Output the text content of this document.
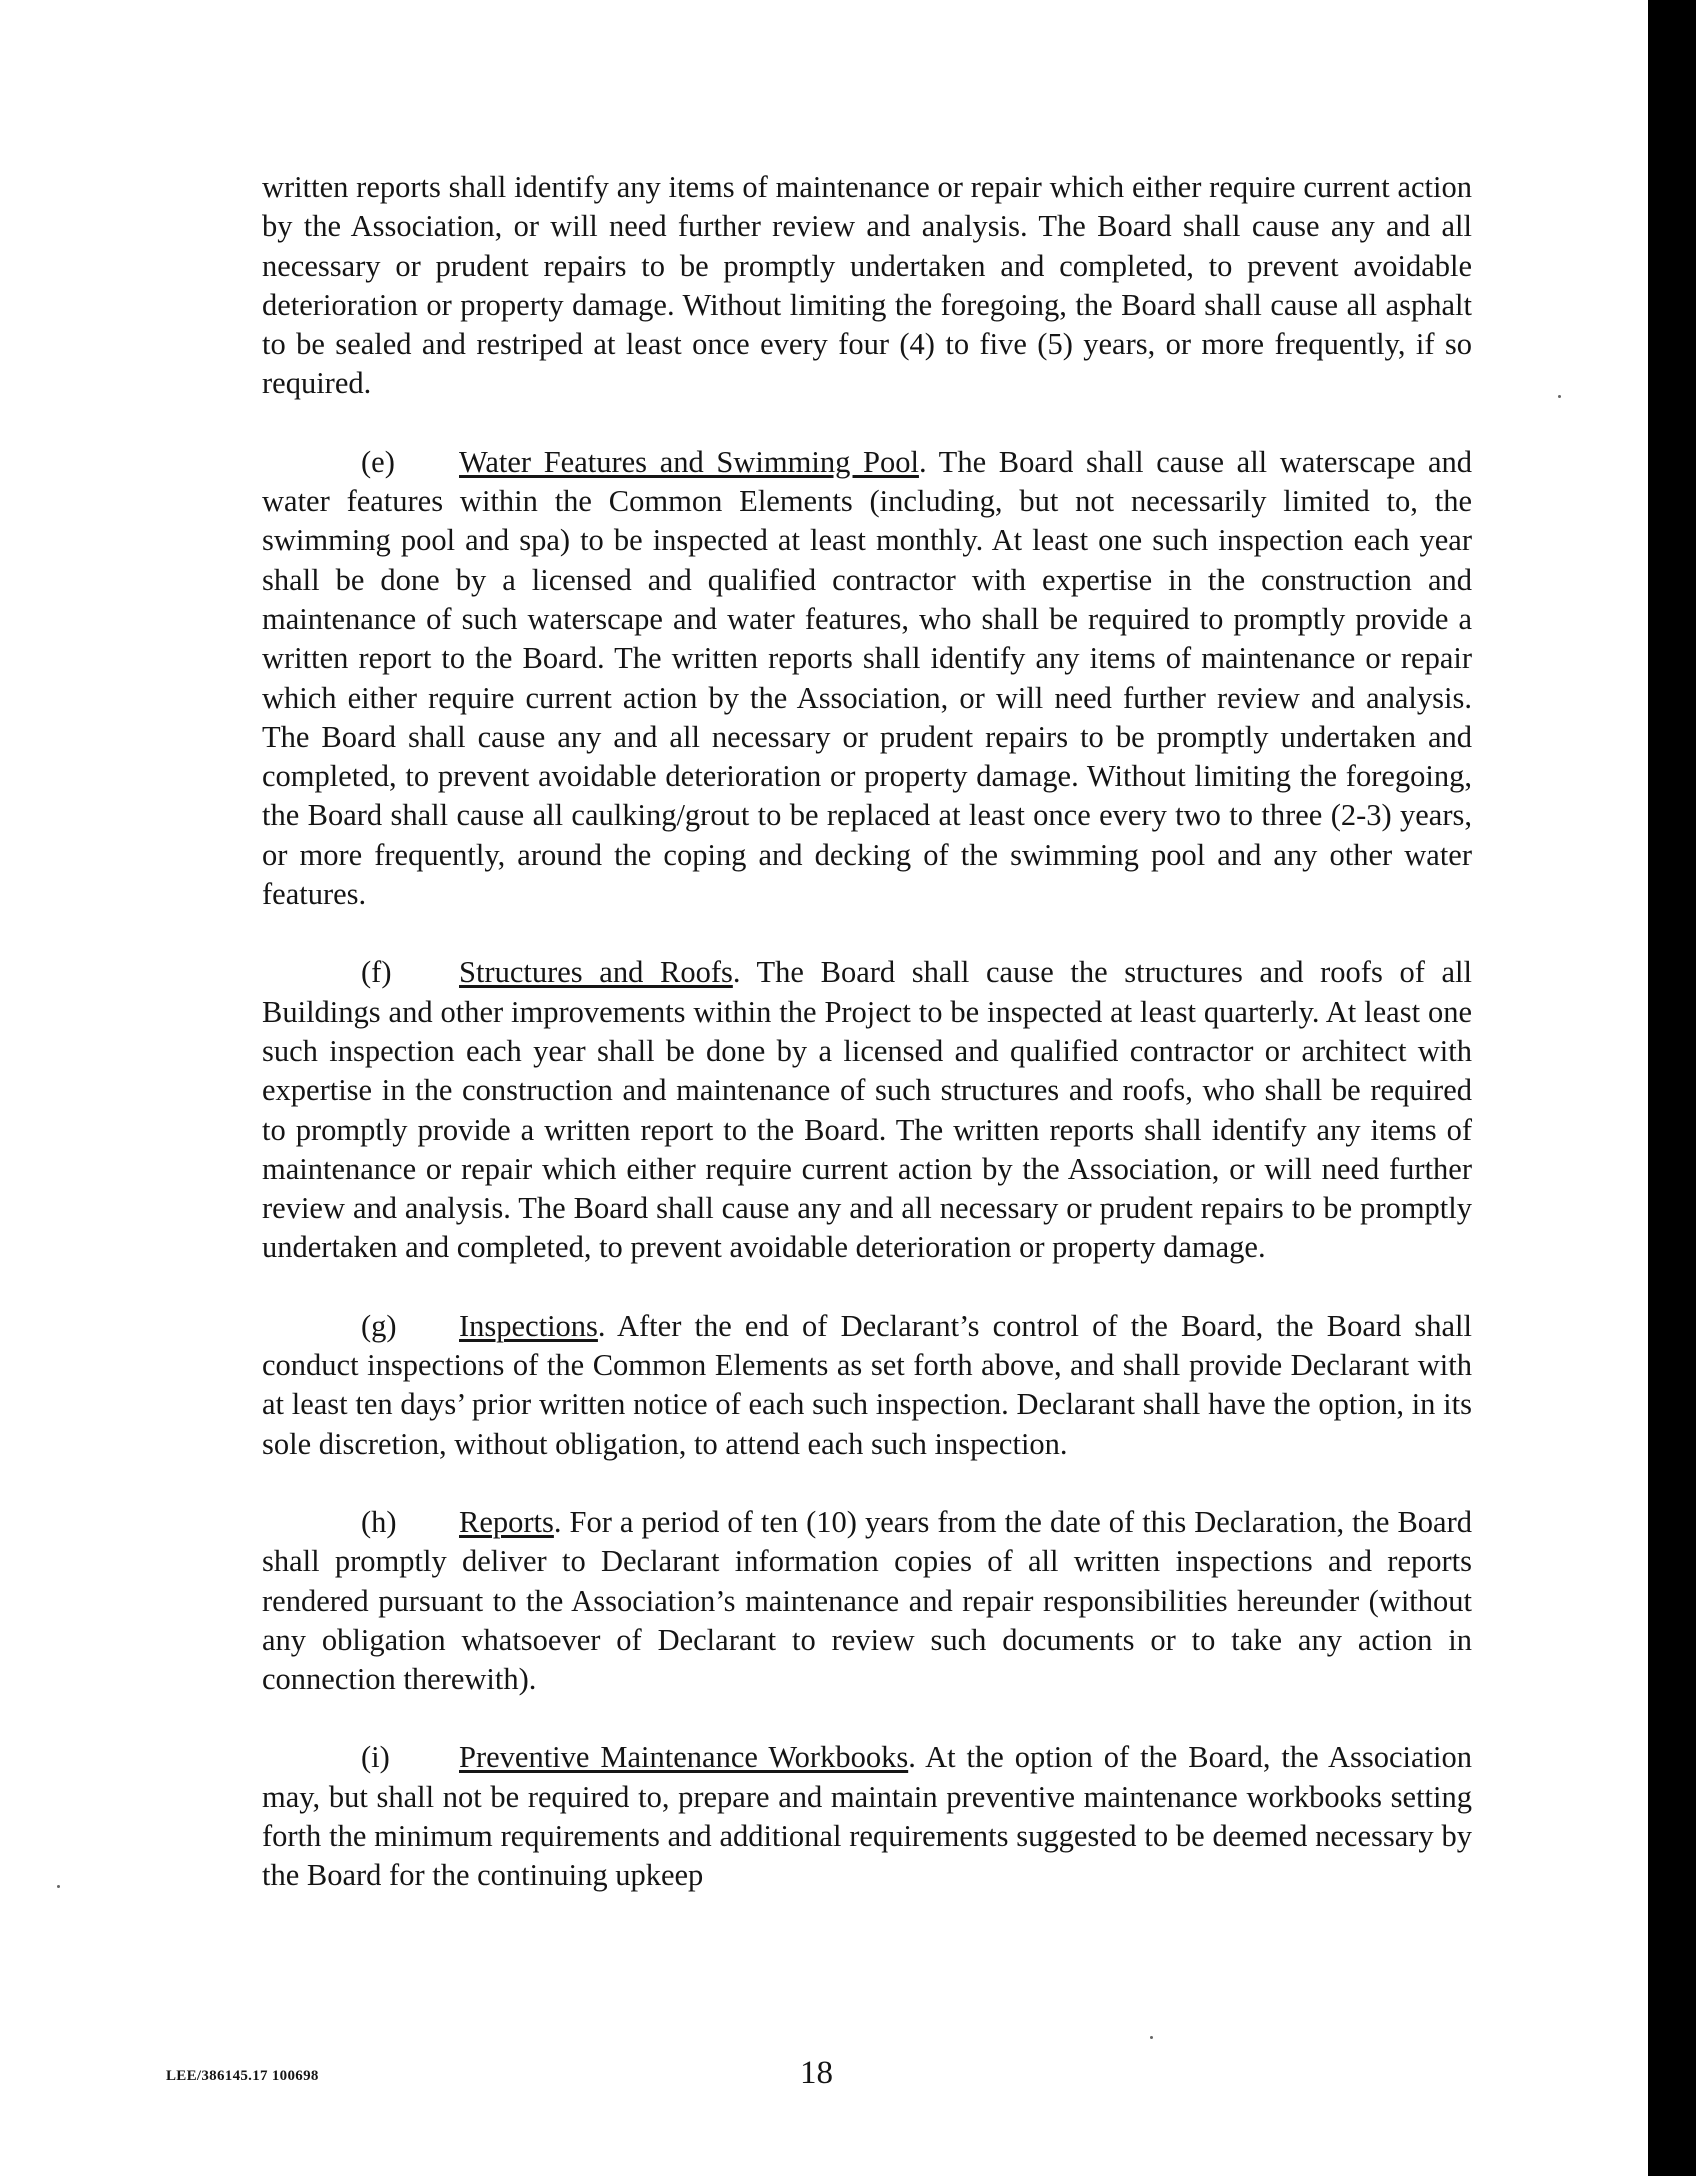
written reports shall identify any items of maintenance or repair which either require current action by the Association, or will need further review and analysis. The Board shall cause any and all necessary or prudent repairs to be promptly undertaken and completed, to prevent avoidable deterioration or property damage. Without limiting the foregoing, the Board shall cause all asphalt to be sealed and restriped at least once every four (4) to five (5) years, or more frequently, if so required.

(e) Water Features and Swimming Pool. The Board shall cause all waterscape and water features within the Common Elements (including, but not necessarily limited to, the swimming pool and spa) to be inspected at least monthly. At least one such inspection each year shall be done by a licensed and qualified contractor with expertise in the construction and maintenance of such waterscape and water features, who shall be required to promptly provide a written report to the Board. The written reports shall identify any items of maintenance or repair which either require current action by the Association, or will need further review and analysis. The Board shall cause any and all necessary or prudent repairs to be promptly undertaken and completed, to prevent avoidable deterioration or property damage. Without limiting the foregoing, the Board shall cause all caulking/grout to be replaced at least once every two to three (2-3) years, or more frequently, around the coping and decking of the swimming pool and any other water features.

(f) Structures and Roofs. The Board shall cause the structures and roofs of all Buildings and other improvements within the Project to be inspected at least quarterly. At least one such inspection each year shall be done by a licensed and qualified contractor or architect with expertise in the construction and maintenance of such structures and roofs, who shall be required to promptly provide a written report to the Board. The written reports shall identify any items of maintenance or repair which either require current action by the Association, or will need further review and analysis. The Board shall cause any and all necessary or prudent repairs to be promptly undertaken and completed, to prevent avoidable deterioration or property damage.

(g) Inspections. After the end of Declarant’s control of the Board, the Board shall conduct inspections of the Common Elements as set forth above, and shall provide Declarant with at least ten days’ prior written notice of each such inspection. Declarant shall have the option, in its sole discretion, without obligation, to attend each such inspection.

(h) Reports. For a period of ten (10) years from the date of this Declaration, the Board shall promptly deliver to Declarant information copies of all written inspections and reports rendered pursuant to the Association’s maintenance and repair responsibilities hereunder (without any obligation whatsoever of Declarant to review such documents or to take any action in connection therewith).

(i) Preventive Maintenance Workbooks. At the option of the Board, the Association may, but shall not be required to, prepare and maintain preventive maintenance workbooks setting forth the minimum requirements and additional requirements suggested to be deemed necessary by the Board for the continuing upkeep

LEE/386145.17 100698	18
